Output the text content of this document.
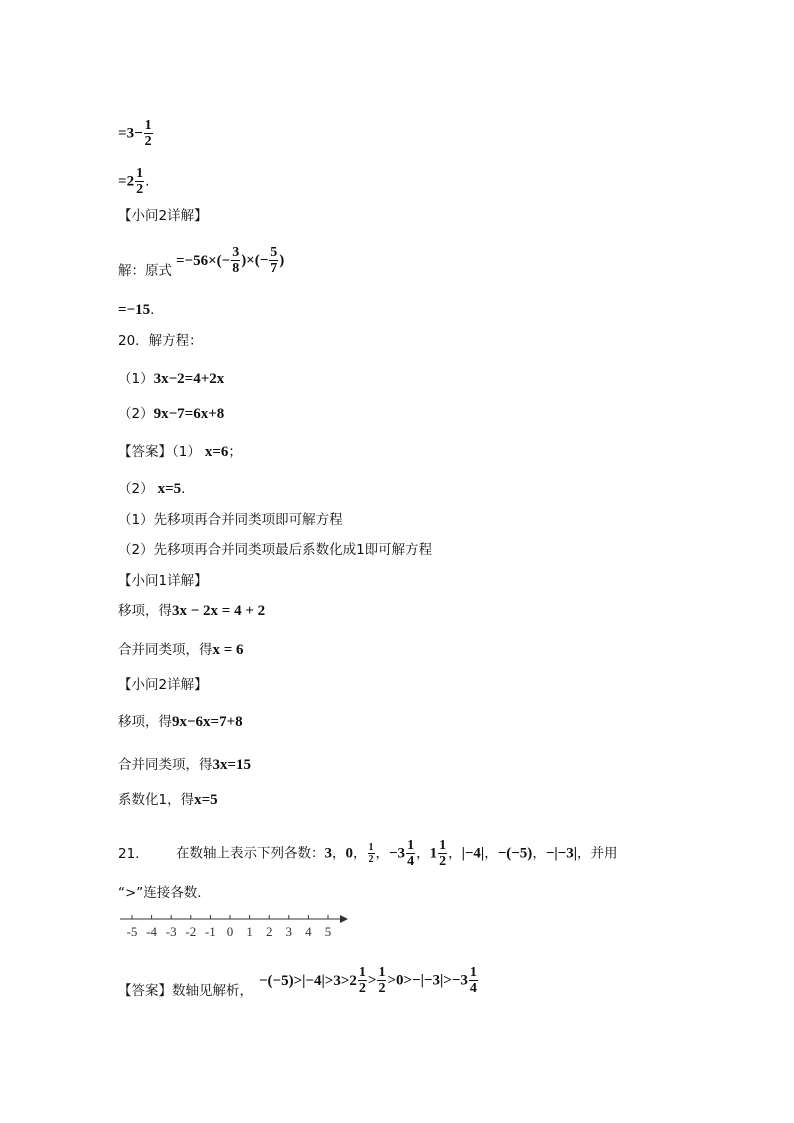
$=3- \frac{1}{2}$
$=2 \frac{1}{2}$ .
【小问2详解】
解：原式$=-56\times(- \frac{3}{8}$ )×(− $\frac{5}{7}$ )
=−15.
20．解方程：
（1）3x−2=4+2x
（2）9x−7=6x+8
【答案】（1） x=6；
（2） x=5.
（1）先移项再合并同类项即可解方程
（2）先移项再合并同类项最后系数化成1即可解方程
【小问1详解】
移项，得3x − 2x = 4 + 2
合并同类项，得x = 6
【小问2详解】
移项，得9x−6x=7+8
合并同类项，得3x=15
系数化1，得x=5
21.	在数轴上表示下列各数：3，0， $\frac{1}{2}$ ，$-3 \frac{1}{4}$ ，$1 \frac{1}{2}$ ，|−4|，−(−5)，−|−3|，并用
“>”连接各数．
-5 -4 -3 -2 -1 0 1 2 3 4 5
【答案】数轴见解析，$-(-5)>|-4|>3>2 \frac{1}{2} > \frac{1}{2} >0>-|-3|>-3 \frac{1}{4}$
